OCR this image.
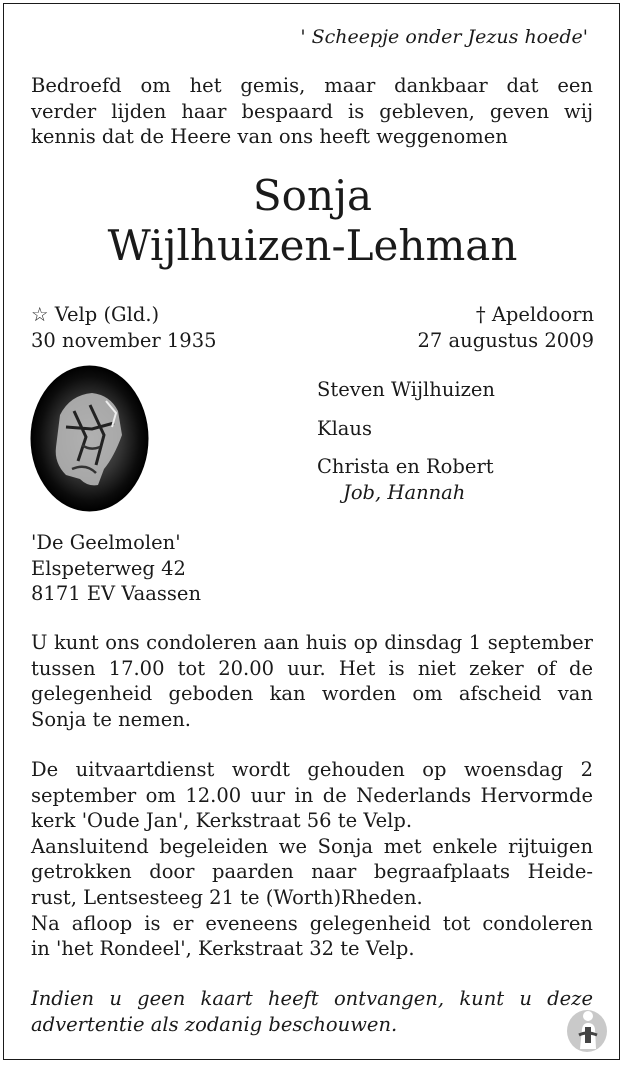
' Scheepje onder Jezus hoede'
Bedroefd om het gemis, maar dankbaar dat een
verder lijden haar bespaard is gebleven, geven wij
kennis dat de Heere van ons heeft weggenomen
Sonja
Wijlhuizen-Lehman
☆ Velp (Gld.)
30 november 1935
† Apeldoorn
27 augustus 2009
Steven Wijlhuizen
Klaus
Christa en Robert
Job, Hannah
'De Geelmolen'
Elspeterweg 42
8171 EV Vaassen
U kunt ons condoleren aan huis op dinsdag 1 september
tussen 17.00 tot 20.00 uur. Het is niet zeker of de
gelegenheid geboden kan worden om afscheid van
Sonja te nemen.
De uitvaartdienst wordt gehouden op woensdag 2
september om 12.00 uur in de Nederlands Hervormde
kerk 'Oude Jan', Kerkstraat 56 te Velp.
Aansluitend begeleiden we Sonja met enkele rijtuigen
getrokken door paarden naar begraafplaats Heide-
rust, Lentsesteeg 21 te (Worth)Rheden.
Na afloop is er eveneens gelegenheid tot condoleren
in 'het Rondeel', Kerkstraat 32 te Velp.
Indien u geen kaart heeft ontvangen, kunt u deze
advertentie als zodanig beschouwen.
